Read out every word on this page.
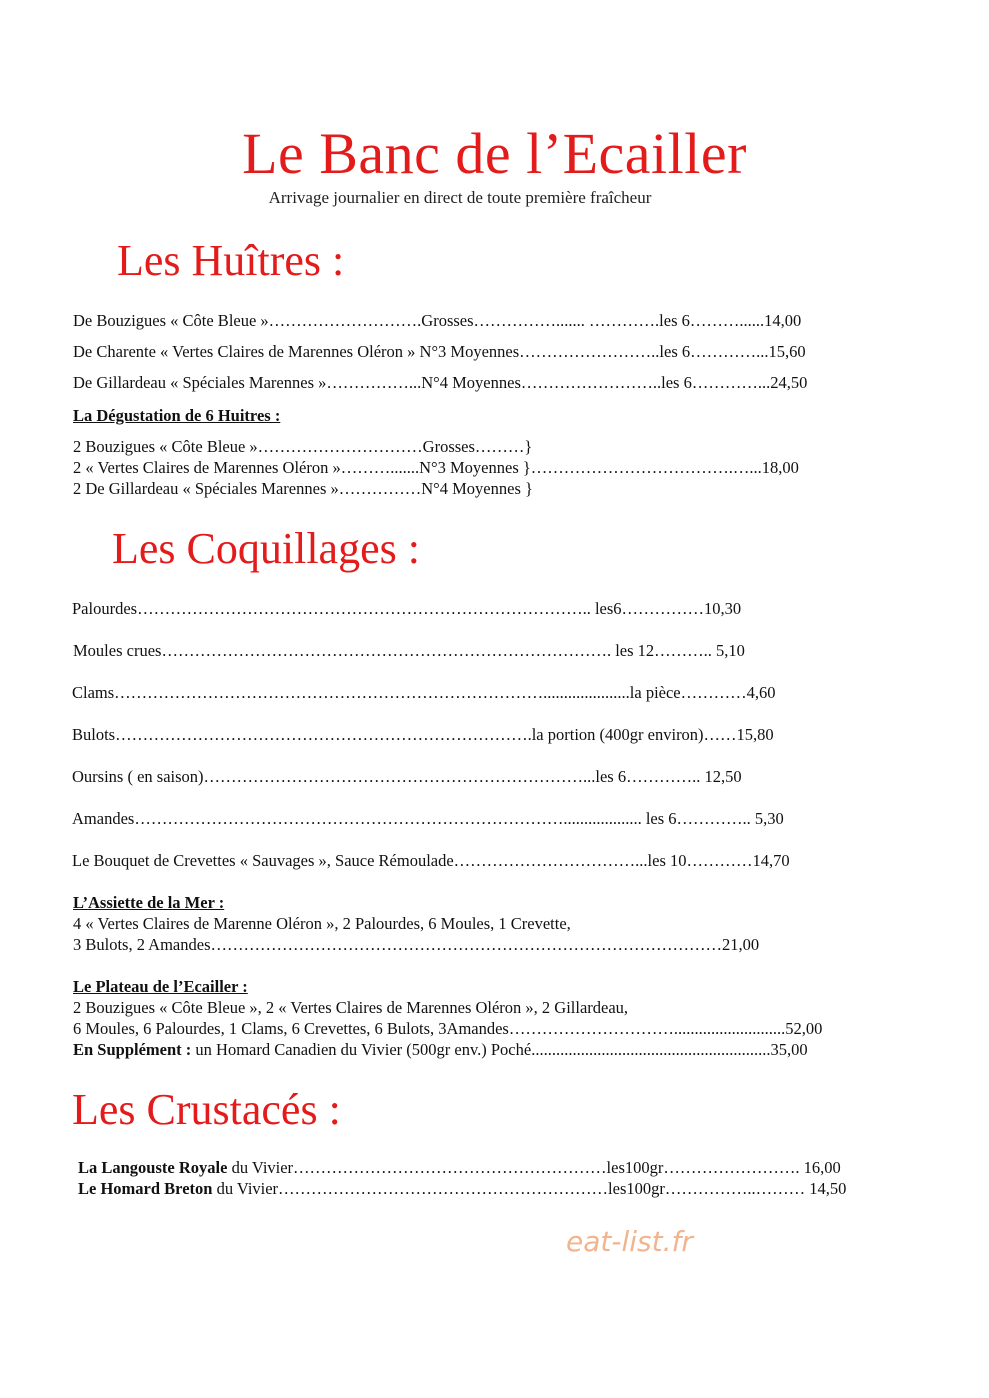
Le Banc de l’Ecailler

Arrivage journalier en direct de toute première fraîcheur

Les Huîtres :

De Bouzigues « Côte Bleue »……………………….Grosses……………....... ………….les 6………......14,00

De Charente « Vertes Claires de Marennes Oléron » N°3 Moyennes……………………..les 6…………...15,60

De Gillardeau « Spéciales Marennes »……………...N°4 Moyennes……………………..les 6…………...24,50

La Dégustation de 6 Huitres :

2 Bouzigues « Côte Bleue »…………………………Grosses………}

2 « Vertes Claires de Marennes Oléron »……….......N°3 Moyennes }……………………………….…...18,00

2 De Gillardeau « Spéciales Marennes »……………N°4 Moyennes }

Les Coquillages :

Palourdes……………………………………………………………………….. les6……………10,30

Moules crues………………………………………………………………………. les 12……….. 5,10

Clams…………………………………………………………………….....................la pièce…………4,60

Bulots………………………………………………………………….la portion (400gr environ)……15,80

Oursins ( en saison)……………………………………………………………...les 6………….. 12,50

Amandes……………………………………………………………………................... les 6………….. 5,30

Le Bouquet de Crevettes « Sauvages », Sauce Rémoulade……………………………...les 10…………14,70

L’Assiette de la Mer :

4 « Vertes Claires de Marenne Oléron », 2 Palourdes, 6 Moules, 1 Crevette,

3 Bulots, 2 Amandes…………………………………………………………………………………21,00

Le Plateau de l’Ecailler :

2 Bouzigues « Côte Bleue », 2 « Vertes Claires de Marennes Oléron », 2 Gillardeau,

6 Moules, 6 Palourdes, 1 Clams, 6 Crevettes, 6 Bulots, 3Amandes…………………………...........................52,00

En Supplément : un Homard Canadien du Vivier (500gr env.) Poché..........................................................35,00

Les Crustacés :

La Langouste Royale du Vivier…………………………………………………les100gr……………………. 16,00

Le Homard Breton du Vivier……………………………………………………les100gr……………..……… 14,50

eat-list.fr
